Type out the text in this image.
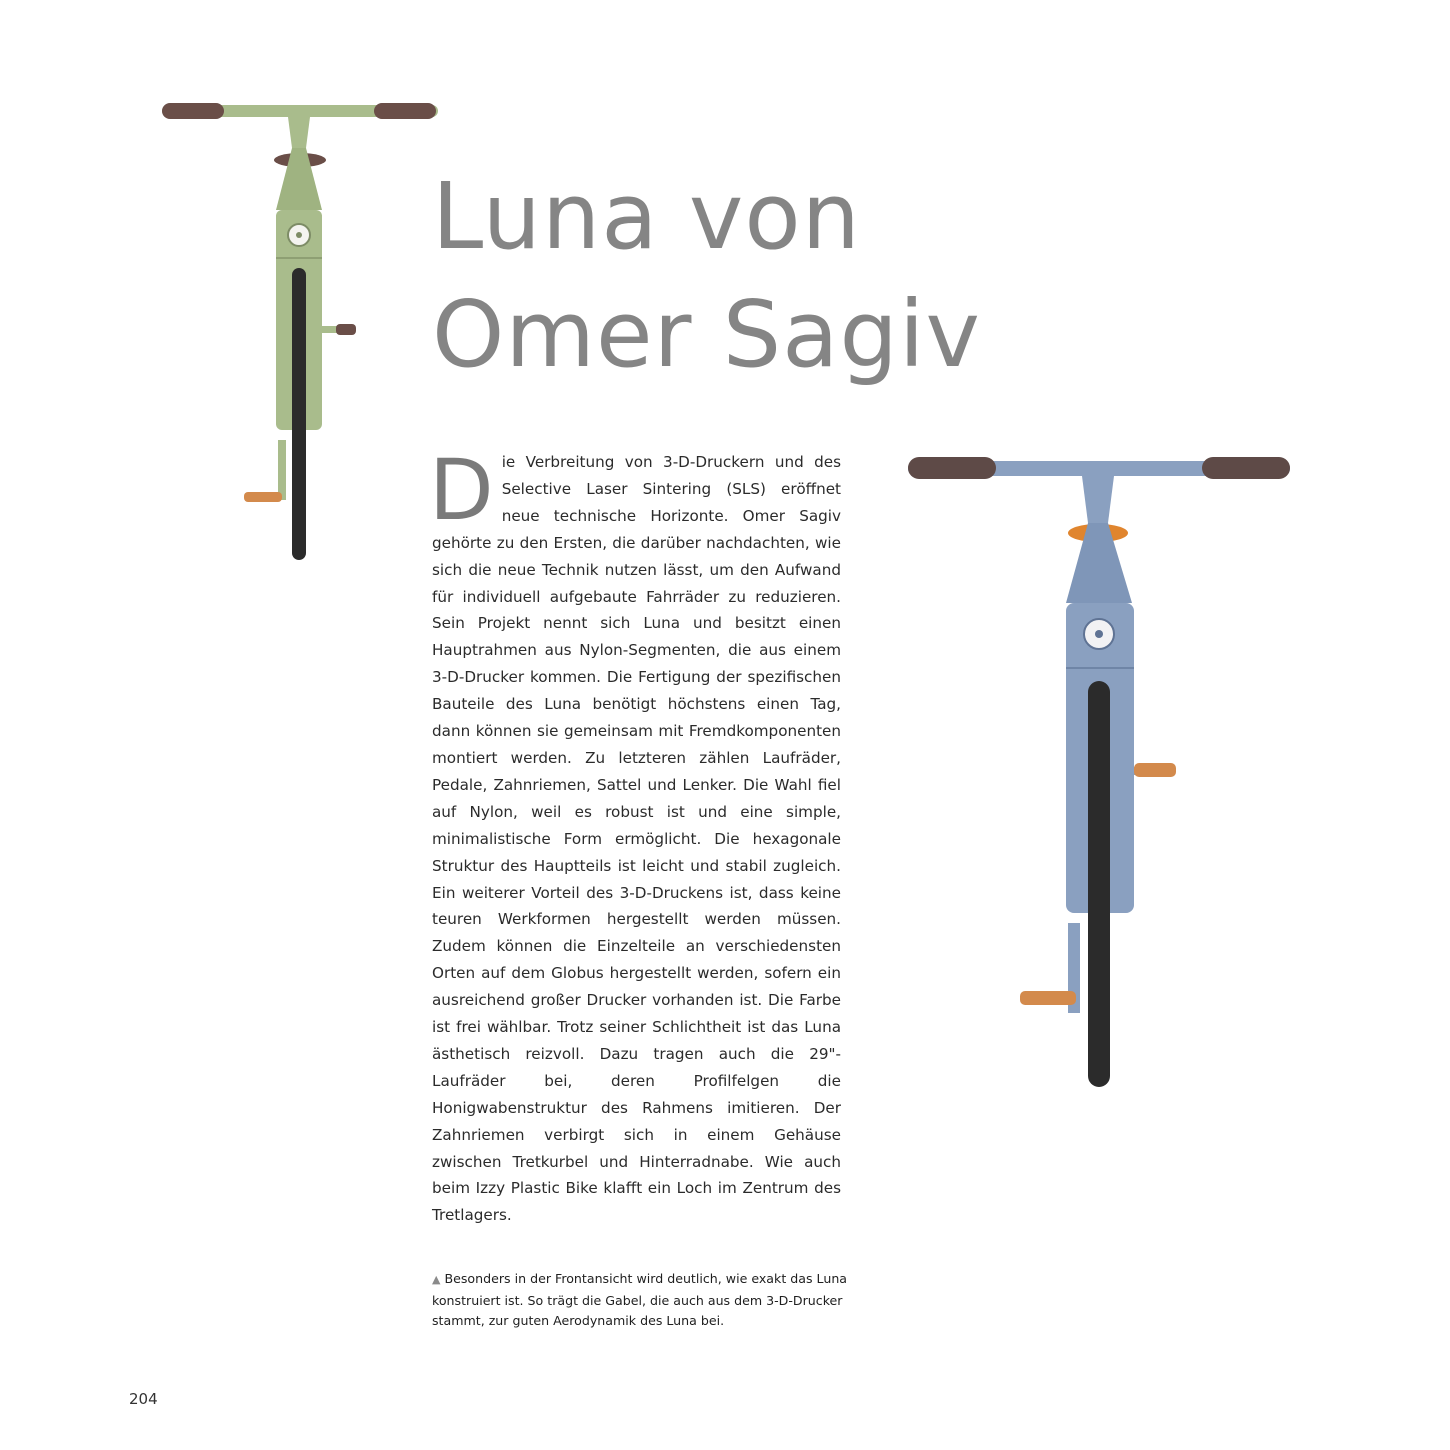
Luna von
Omer Sagiv

Die Verbreitung von 3-D-Druckern und des Selective Laser Sintering (SLS) eröffnet neue technische Horizonte. Omer Sagiv gehörte zu den Ersten, die darüber nachdachten, wie sich die neue Technik nutzen lässt, um den Aufwand für individuell aufgebaute Fahrräder zu reduzieren. Sein Projekt nennt sich Luna und besitzt einen Hauptrahmen aus Nylon-Segmenten, die aus einem 3-D-Drucker kommen. Die Fertigung der spezifischen Bauteile des Luna benötigt höchstens einen Tag, dann können sie gemeinsam mit Fremdkomponenten montiert werden. Zu letzteren zählen Laufräder, Pedale, Zahnriemen, Sattel und Lenker. Die Wahl fiel auf Nylon, weil es robust ist und eine simple, minimalistische Form ermöglicht. Die hexagonale Struktur des Hauptteils ist leicht und stabil zugleich. Ein weiterer Vorteil des 3-D-Druckens ist, dass keine teuren Werkformen hergestellt werden müssen. Zudem können die Einzelteile an verschiedensten Orten auf dem Globus hergestellt werden, sofern ein ausreichend großer Drucker vorhanden ist. Die Farbe ist frei wählbar. Trotz seiner Schlichtheit ist das Luna ästhetisch reizvoll. Dazu tragen auch die 29"-Laufräder bei, deren Profilfelgen die Honigwabenstruktur des Rahmens imitieren. Der Zahnriemen verbirgt sich in einem Gehäuse zwischen Tretkurbel und Hinterradnabe. Wie auch beim Izzy Plastic Bike klafft ein Loch im Zentrum des Tretlagers.

▲ Besonders in der Frontansicht wird deutlich, wie exakt das Luna konstruiert ist. So trägt die Gabel, die auch aus dem 3-D-Drucker stammt, zur guten Aerodynamik des Luna bei.

204
